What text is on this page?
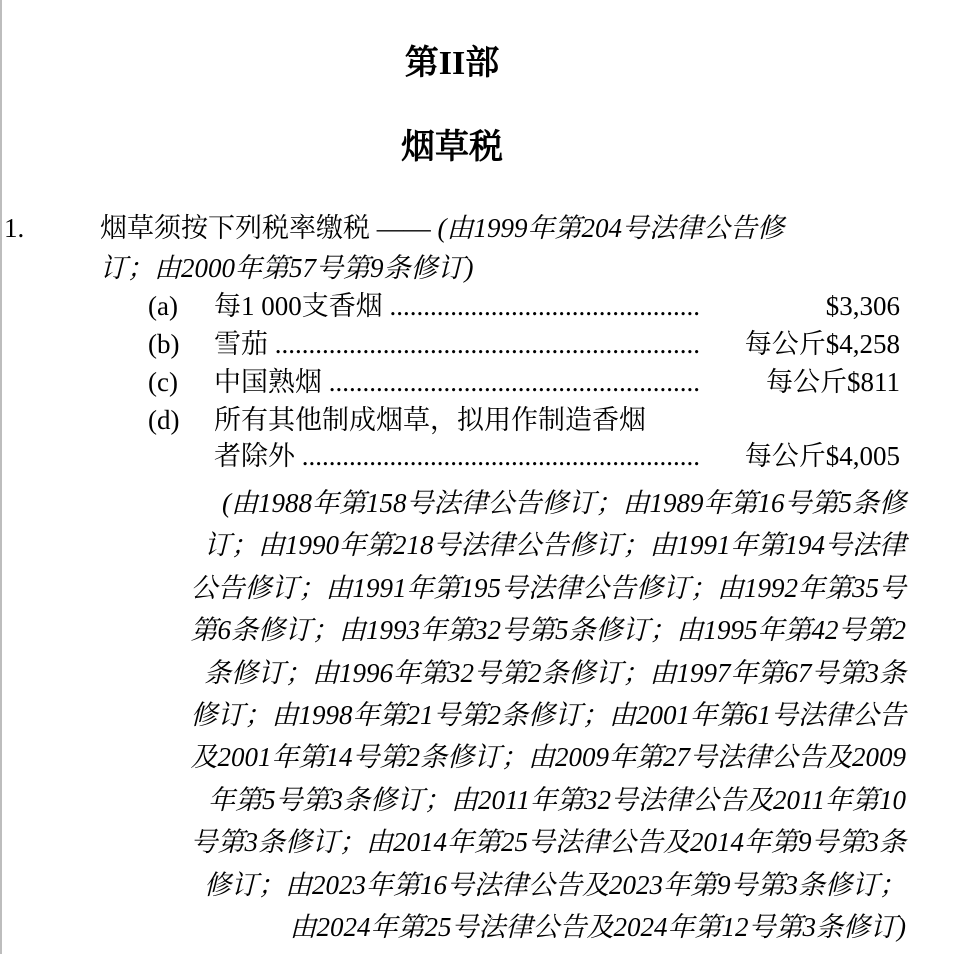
第II部
烟草税
1.	烟草须按下列税率缴税 —— (由1999年第204号法律公告修
订；由2000年第57号第9条修订)
(a) 每1 000支香烟 .....	$3,306
(b) 雪茄 .....	每公斤$4,258
(c) 中国熟烟 .....	每公斤$811
(d) 所有其他制成烟草，拟用作制造香烟
者除外 .....	每公斤$4,005
(由1988年第158号法律公告修订；由1989年第16号第5条修
订；由1990年第218号法律公告修订；由1991年第194号法律
公告修订；由1991年第195号法律公告修订；由1992年第35号
第6条修订；由1993年第32号第5条修订；由1995年第42号第2
条修订；由1996年第32号第2条修订；由1997年第67号第3条
修订；由1998年第21号第2条修订；由2001年第61号法律公告
及2001年第14号第2条修订；由2009年第27号法律公告及2009
年第5号第3条修订；由2011年第32号法律公告及2011年第10
号第3条修订；由2014年第25号法律公告及2014年第9号第3条
修订；由2023年第16号法律公告及2023年第9号第3条修订；
由2024年第25号法律公告及2024年第12号第3条修订)
